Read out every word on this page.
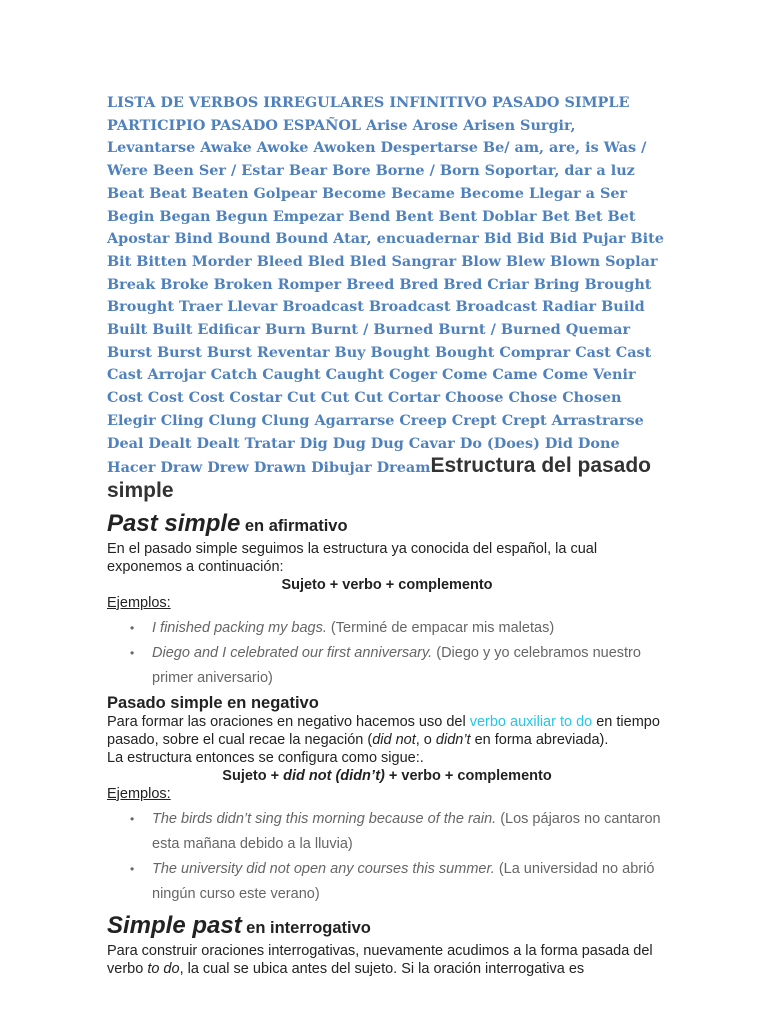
LISTA DE VERBOS IRREGULARES INFINITIVO PASADO SIMPLE PARTICIPIO PASADO ESPAÑOL Arise Arose Arisen Surgir, Levantarse Awake Awoke Awoken Despertarse Be/ am, are, is Was / Were Been Ser / Estar Bear Bore Borne / Born Soportar, dar a luz Beat Beat Beaten Golpear Become Became Become Llegar a Ser Begin Began Begun Empezar Bend Bent Bent Doblar Bet Bet Bet Apostar Bind Bound Bound Atar, encuadernar Bid Bid Bid Pujar Bite Bit Bitten Morder Bleed Bled Bled Sangrar Blow Blew Blown Soplar Break Broke Broken Romper Breed Bred Bred Criar Bring Brought Brought Traer Llevar Broadcast Broadcast Broadcast Radiar Build Built Built Edificar Burn Burnt / Burned Burnt / Burned Quemar Burst Burst Burst Reventar Buy Bought Bought Comprar Cast Cast Cast Arrojar Catch Caught Caught Coger Come Came Come Venir Cost Cost Cost Costar Cut Cut Cut Cortar Choose Chose Chosen Elegir Cling Clung Clung Agarrarse Creep Crept Crept Arrastrarse Deal Dealt Dealt Tratar Dig Dug Dug Cavar Do (Does) Did Done Hacer Draw Drew Drawn Dibujar DreamEstructura del pasado simple

Past simple en afirmativo

En el pasado simple seguimos la estructura ya conocida del español, la cual exponemos a continuación:

Sujeto + verbo + complemento

Ejemplos:

• I finished packing my bags. (Terminé de empacar mis maletas)
• Diego and I celebrated our first anniversary. (Diego y yo celebramos nuestro primer aniversario)

Pasado simple en negativo

Para formar las oraciones en negativo hacemos uso del verbo auxiliar to do en tiempo pasado, sobre el cual recae la negación (did not, o didn’t en forma abreviada).

La estructura entonces se configura como sigue:.

Sujeto + did not (didn’t) + verbo + complemento

Ejemplos:

• The birds didn’t sing this morning because of the rain. (Los pájaros no cantaron esta mañana debido a la lluvia)
• The university did not open any courses this summer. (La universidad no abrió ningún curso este verano)

Simple past en interrogativo

Para construir oraciones interrogativas, nuevamente acudimos a la forma pasada del verbo to do, la cual se ubica antes del sujeto. Si la oración interrogativa es
